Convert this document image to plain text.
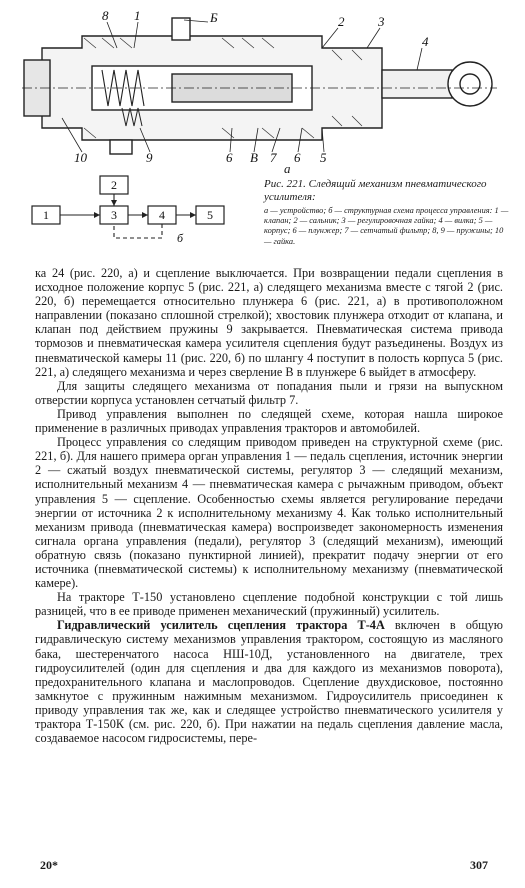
8 1	Б	2	3
4
10	9	6 В 7 6 5
а
2
1	3	4	5
б
Рис. 221. Следящий механизм пневматического усилителя:
а — устройство; б — структурная схема процесса управления: 1 — клапан; 2 — сальник; 3 — регулировочная гайка; 4 — вилка; 5 — корпус; 6 — плунжер; 7 — сетчатый фильтр; 8, 9 — пружины; 10 — гайка.

ка 24 (рис. 220, а) и сцепление выключается. При возвращении педали сцепления в исходное положение корпус 5 (рис. 221, а) следящего механизма вместе с тягой 2 (рис. 220, б) перемещается относительно плунжера 6 (рис. 221, а) в противоположном направлении (показано сплошной стрелкой); хвостовик плунжера отходит от клапана, и клапан под действием пружины 9 закрывается. Пневматическая система привода тормозов и пневматическая камера усилителя сцепления будут разъединены. Воздух из пневматической камеры 11 (рис. 220, б) по шлангу 4 поступит в полость корпуса 5 (рис. 221, а) следящего механизма и через сверление В в плунжере 6 выйдет в атмосферу.

Для защиты следящего механизма от попадания пыли и грязи на выпускном отверстии корпуса установлен сетчатый фильтр 7.

Привод управления выполнен по следящей схеме, которая нашла широкое применение в различных приводах управления тракторов и автомобилей.

Процесс управления со следящим приводом приведен на структурной схеме (рис. 221, б). Для нашего примера орган управления 1 — педаль сцепления, источник энергии 2 — сжатый воздух пневматической системы, регулятор 3 — следящий механизм, исполнительный механизм 4 — пневматическая камера с рычажным приводом, объект управления 5 — сцепление. Особенностью схемы является регулирование передачи энергии от источника 2 к исполнительному механизму 4. Как только исполнительный механизм привода (пневматическая камера) воспроизведет закономерность изменения сигнала органа управления (педали), регулятор 3 (следящий механизм), имеющий обратную связь (показано пунктирной линией), прекратит подачу энергии от его источника (пневматической системы) к исполнительному механизму (пневматической камере).

На тракторе Т-150 установлено сцепление подобной конструкции с той лишь разницей, что в ее приводе применен механический (пружинный) усилитель.

Гидравлический усилитель сцепления трактора Т-4А включен в общую гидравлическую систему механизмов управления трактором, состоящую из масляного бака, шестеренчатого насоса НШ-10Д, установленного на двигателе, трех гидроусилителей (один для сцепления и два для каждого из механизмов поворота), предохранительного клапана и маслопроводов. Сцепление двухдисковое, постоянно замкнутое с пружинным нажимным механизмом. Гидроусилитель присоединен к приводу управления так же, как и следящее устройство пневматического усилителя у трактора Т-150К (см. рис. 220, б). При нажатии на педаль сцепления давление масла, создаваемое насосом гидросистемы, пере-

20*	307
